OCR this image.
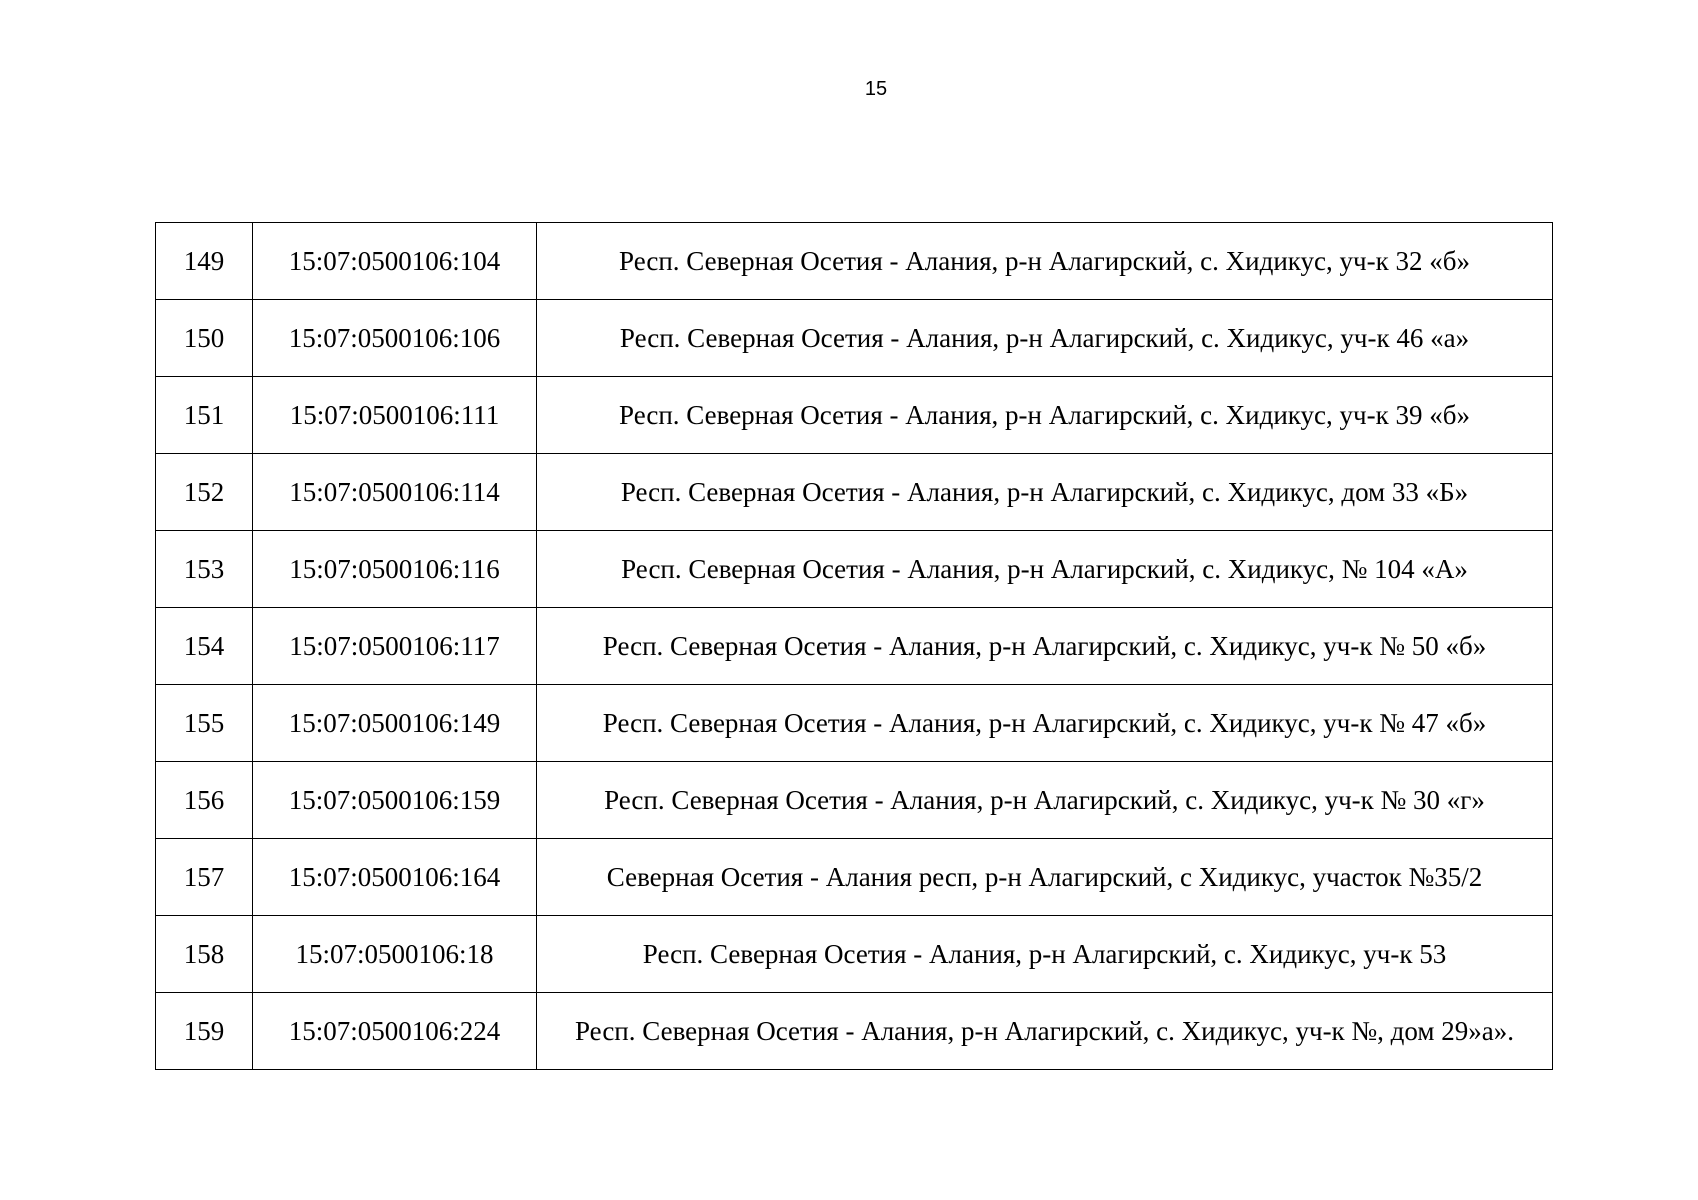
15
149	15:07:0500106:104	Респ. Северная Осетия - Алания, р-н Алагирский, с. Хидикус, уч-к 32 «б»
150	15:07:0500106:106	Респ. Северная Осетия - Алания, р-н Алагирский, с. Хидикус, уч-к 46 «а»
151	15:07:0500106:111	Респ. Северная Осетия - Алания, р-н Алагирский, с. Хидикус, уч-к 39 «б»
152	15:07:0500106:114	Респ. Северная Осетия - Алания, р-н Алагирский, с. Хидикус, дом 33 «Б»
153	15:07:0500106:116	Респ. Северная Осетия - Алания, р-н Алагирский, с. Хидикус, № 104 «А»
154	15:07:0500106:117	Респ. Северная Осетия - Алания, р-н Алагирский, с. Хидикус, уч-к № 50 «б»
155	15:07:0500106:149	Респ. Северная Осетия - Алания, р-н Алагирский, с. Хидикус, уч-к № 47 «б»
156	15:07:0500106:159	Респ. Северная Осетия - Алания, р-н Алагирский, с. Хидикус, уч-к № 30 «г»
157	15:07:0500106:164	Северная Осетия - Алания респ, р-н Алагирский, с Хидикус, участок №35/2
158	15:07:0500106:18	Респ. Северная Осетия - Алания, р-н Алагирский, с. Хидикус, уч-к 53
159	15:07:0500106:224	Респ. Северная Осетия - Алания, р-н Алагирский, с. Хидикус, уч-к №, дом 29»а».
